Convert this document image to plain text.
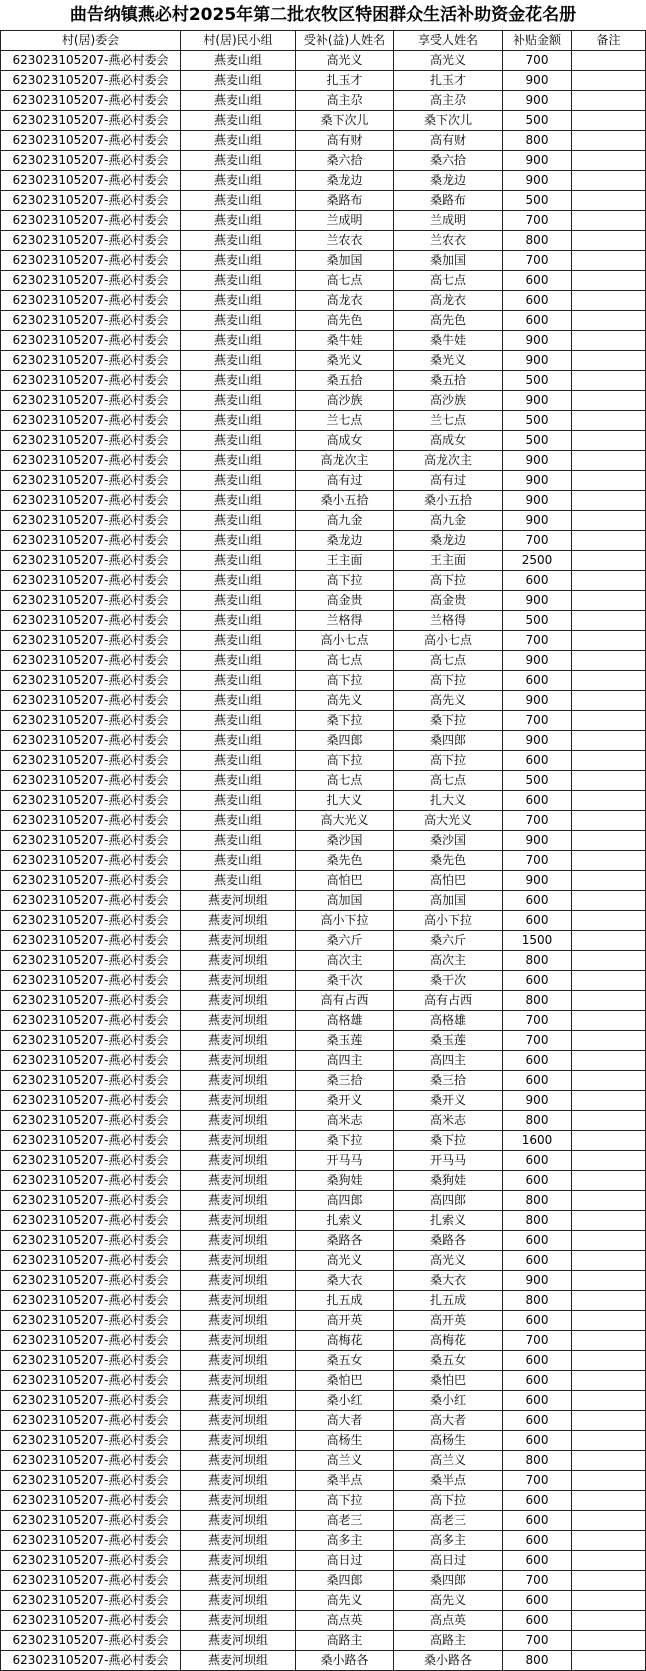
曲告纳镇燕必村2025年第二批农牧区特困群众生活补助资金花名册
村(居)委会	村(居)民小组	受补(益)人姓名	享受人姓名	补贴金额	备注
623023105207-燕必村委会	燕麦山组	高光义	高光义	700
623023105207-燕必村委会	燕麦山组	扎玉才	扎玉才	900
623023105207-燕必村委会	燕麦山组	高主尕	高主尕	900
623023105207-燕必村委会	燕麦山组	桑下次儿	桑下次儿	500
623023105207-燕必村委会	燕麦山组	高有财	高有财	800
623023105207-燕必村委会	燕麦山组	桑六拾	桑六拾	900
623023105207-燕必村委会	燕麦山组	桑龙边	桑龙边	900
623023105207-燕必村委会	燕麦山组	桑路布	桑路布	500
623023105207-燕必村委会	燕麦山组	兰成明	兰成明	700
623023105207-燕必村委会	燕麦山组	兰农衣	兰农衣	800
623023105207-燕必村委会	燕麦山组	桑加国	桑加国	700
623023105207-燕必村委会	燕麦山组	高七点	高七点	600
623023105207-燕必村委会	燕麦山组	高龙衣	高龙衣	600
623023105207-燕必村委会	燕麦山组	高先色	高先色	600
623023105207-燕必村委会	燕麦山组	桑牛娃	桑牛娃	900
623023105207-燕必村委会	燕麦山组	桑光义	桑光义	900
623023105207-燕必村委会	燕麦山组	桑五拾	桑五拾	500
623023105207-燕必村委会	燕麦山组	高沙族	高沙族	900
623023105207-燕必村委会	燕麦山组	兰七点	兰七点	500
623023105207-燕必村委会	燕麦山组	高成女	高成女	500
623023105207-燕必村委会	燕麦山组	高龙次主	高龙次主	900
623023105207-燕必村委会	燕麦山组	高有过	高有过	900
623023105207-燕必村委会	燕麦山组	桑小五拾	桑小五拾	900
623023105207-燕必村委会	燕麦山组	高九金	高九金	900
623023105207-燕必村委会	燕麦山组	桑龙边	桑龙边	700
623023105207-燕必村委会	燕麦山组	王主面	王主面	2500
623023105207-燕必村委会	燕麦山组	高下拉	高下拉	600
623023105207-燕必村委会	燕麦山组	高金贵	高金贵	900
623023105207-燕必村委会	燕麦山组	兰格得	兰格得	500
623023105207-燕必村委会	燕麦山组	高小七点	高小七点	700
623023105207-燕必村委会	燕麦山组	高七点	高七点	900
623023105207-燕必村委会	燕麦山组	高下拉	高下拉	600
623023105207-燕必村委会	燕麦山组	高先义	高先义	900
623023105207-燕必村委会	燕麦山组	桑下拉	桑下拉	700
623023105207-燕必村委会	燕麦山组	桑四郎	桑四郎	900
623023105207-燕必村委会	燕麦山组	高下拉	高下拉	600
623023105207-燕必村委会	燕麦山组	高七点	高七点	500
623023105207-燕必村委会	燕麦山组	扎大义	扎大义	600
623023105207-燕必村委会	燕麦山组	高大光义	高大光义	700
623023105207-燕必村委会	燕麦山组	桑沙国	桑沙国	900
623023105207-燕必村委会	燕麦山组	桑先色	桑先色	700
623023105207-燕必村委会	燕麦山组	高怕巴	高怕巴	900
623023105207-燕必村委会	燕麦河坝组	高加国	高加国	600
623023105207-燕必村委会	燕麦河坝组	高小下拉	高小下拉	600
623023105207-燕必村委会	燕麦河坝组	桑六斤	桑六斤	1500
623023105207-燕必村委会	燕麦河坝组	高次主	高次主	800
623023105207-燕必村委会	燕麦河坝组	桑干次	桑干次	600
623023105207-燕必村委会	燕麦河坝组	高有占西	高有占西	800
623023105207-燕必村委会	燕麦河坝组	高格雄	高格雄	700
623023105207-燕必村委会	燕麦河坝组	桑玉莲	桑玉莲	700
623023105207-燕必村委会	燕麦河坝组	高四主	高四主	600
623023105207-燕必村委会	燕麦河坝组	桑三拾	桑三拾	600
623023105207-燕必村委会	燕麦河坝组	桑开义	桑开义	900
623023105207-燕必村委会	燕麦河坝组	高米志	高米志	800
623023105207-燕必村委会	燕麦河坝组	桑下拉	桑下拉	1600
623023105207-燕必村委会	燕麦河坝组	开马马	开马马	600
623023105207-燕必村委会	燕麦河坝组	桑狗娃	桑狗娃	600
623023105207-燕必村委会	燕麦河坝组	高四郎	高四郎	800
623023105207-燕必村委会	燕麦河坝组	扎索义	扎索义	800
623023105207-燕必村委会	燕麦河坝组	桑路各	桑路各	600
623023105207-燕必村委会	燕麦河坝组	高光义	高光义	600
623023105207-燕必村委会	燕麦河坝组	桑大衣	桑大衣	900
623023105207-燕必村委会	燕麦河坝组	扎五成	扎五成	800
623023105207-燕必村委会	燕麦河坝组	高开英	高开英	600
623023105207-燕必村委会	燕麦河坝组	高梅花	高梅花	700
623023105207-燕必村委会	燕麦河坝组	桑五女	桑五女	600
623023105207-燕必村委会	燕麦河坝组	桑怕巴	桑怕巴	600
623023105207-燕必村委会	燕麦河坝组	桑小红	桑小红	600
623023105207-燕必村委会	燕麦河坝组	高大者	高大者	600
623023105207-燕必村委会	燕麦河坝组	高杨生	高杨生	600
623023105207-燕必村委会	燕麦河坝组	高兰义	高兰义	800
623023105207-燕必村委会	燕麦河坝组	桑半点	桑半点	700
623023105207-燕必村委会	燕麦河坝组	高下拉	高下拉	600
623023105207-燕必村委会	燕麦河坝组	高老三	高老三	600
623023105207-燕必村委会	燕麦河坝组	高多主	高多主	600
623023105207-燕必村委会	燕麦河坝组	高日过	高日过	600
623023105207-燕必村委会	燕麦河坝组	桑四郎	桑四郎	700
623023105207-燕必村委会	燕麦河坝组	高先义	高先义	600
623023105207-燕必村委会	燕麦河坝组	高点英	高点英	600
623023105207-燕必村委会	燕麦河坝组	高路主	高路主	700
623023105207-燕必村委会	燕麦河坝组	桑小路各	桑小路各	800
